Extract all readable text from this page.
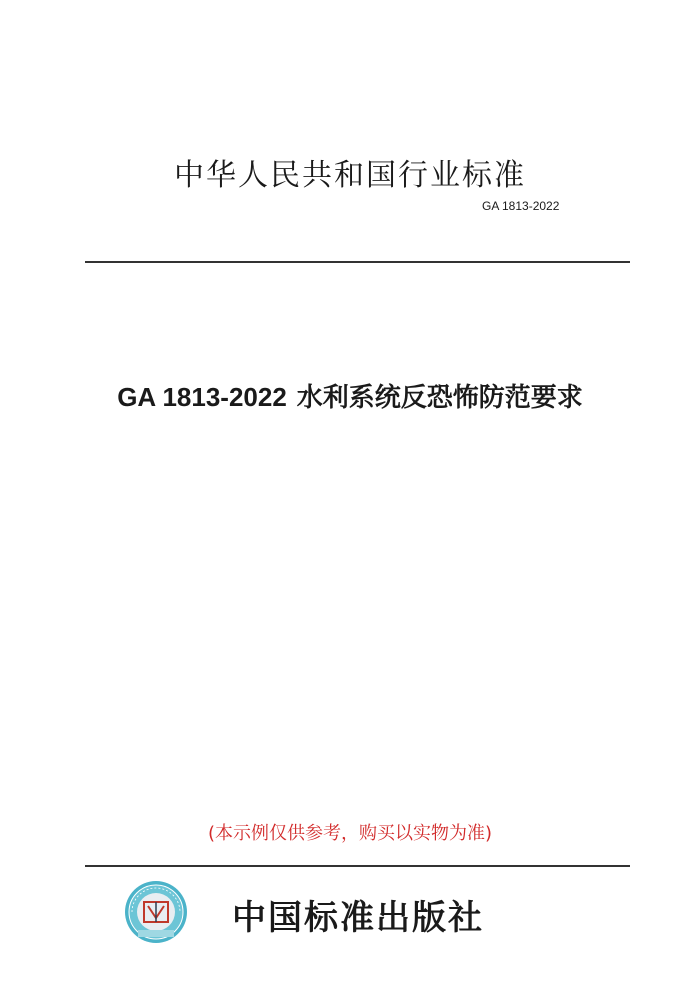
中华人民共和国行业标准
GA 1813-2022
GA 1813-2022 水利系统反恐怖防范要求
(本示例仅供参考，购买以实物为准)
中国标准出版社
